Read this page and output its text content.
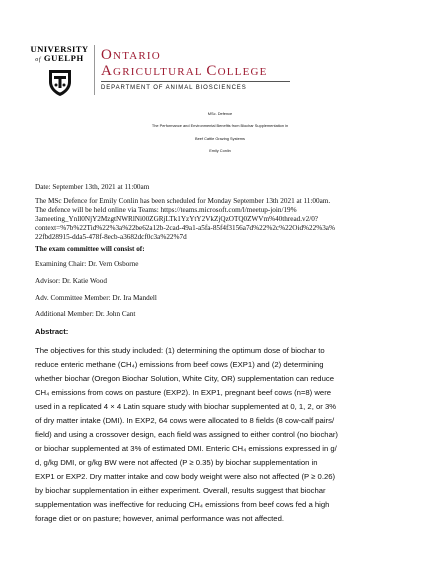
UNIVERSITY
of GUELPH ONTARIO
AGRICULTURAL COLLEGE
DEPARTMENT OF ANIMAL BIOSCIENCES
MSc. Defence
The Performance and Environmental Benefits from Biochar Supplementation in
Beef Cattle Grazing Systems
Emily Conlin
Date: September 13th, 2021 at 11:00am
The MSc Defence for Emily Conlin has been scheduled for Monday September 13th 2021 at 11:00am.
The defence will be held online via Teams: https://teams.microsoft.com/l/meetup-join/19%
3ameeting_Ynll0NjY2MzgtNWRlNi00ZGRjLTk1YzYtY2VkZjQzOTQ0ZWVm%40thread.v2/0?
context=%7b%22Tid%22%3a%22be62a12b-2cad-49a1-a5fa-85f4f3156a7d%22%2c%22Oid%22%3a%
22fbd28915-dda5-478f-8ecb-a3682dcf0c3a%22%7d
The exam committee will consist of:
Examining Chair: Dr. Vern Osborne
Advisor: Dr. Katie Wood
Adv. Committee Member: Dr. Ira Mandell
Additional Member: Dr. John Cant
Abstract:
The objectives for this study included: (1) determining the optimum dose of biochar to
reduce enteric methane (CH₄) emissions from beef cows (EXP1) and (2) determining
whether biochar (Oregon Biochar Solution, White City, OR) supplementation can reduce
CH₄ emissions from cows on pasture (EXP2). In EXP1, pregnant beef cows (n=8) were
used in a replicated 4 × 4 Latin square study with biochar supplemented at 0, 1, 2, or 3%
of dry matter intake (DMI). In EXP2, 64 cows were allocated to 8 fields (8 cow-calf pairs/
field) and using a crossover design, each field was assigned to either control (no biochar)
or biochar supplemented at 3% of estimated DMI. Enteric CH₄ emissions expressed in g/
d, g/kg DMI, or g/kg BW were not affected (P ≥ 0.35) by biochar supplementation in
EXP1 or EXP2. Dry matter intake and cow body weight were also not affected (P ≥ 0.26)
by biochar supplementation in either experiment. Overall, results suggest that biochar
supplementation was ineffective for reducing CH₄ emissions from beef cows fed a high
forage diet or on pasture; however, animal performance was not affected.
